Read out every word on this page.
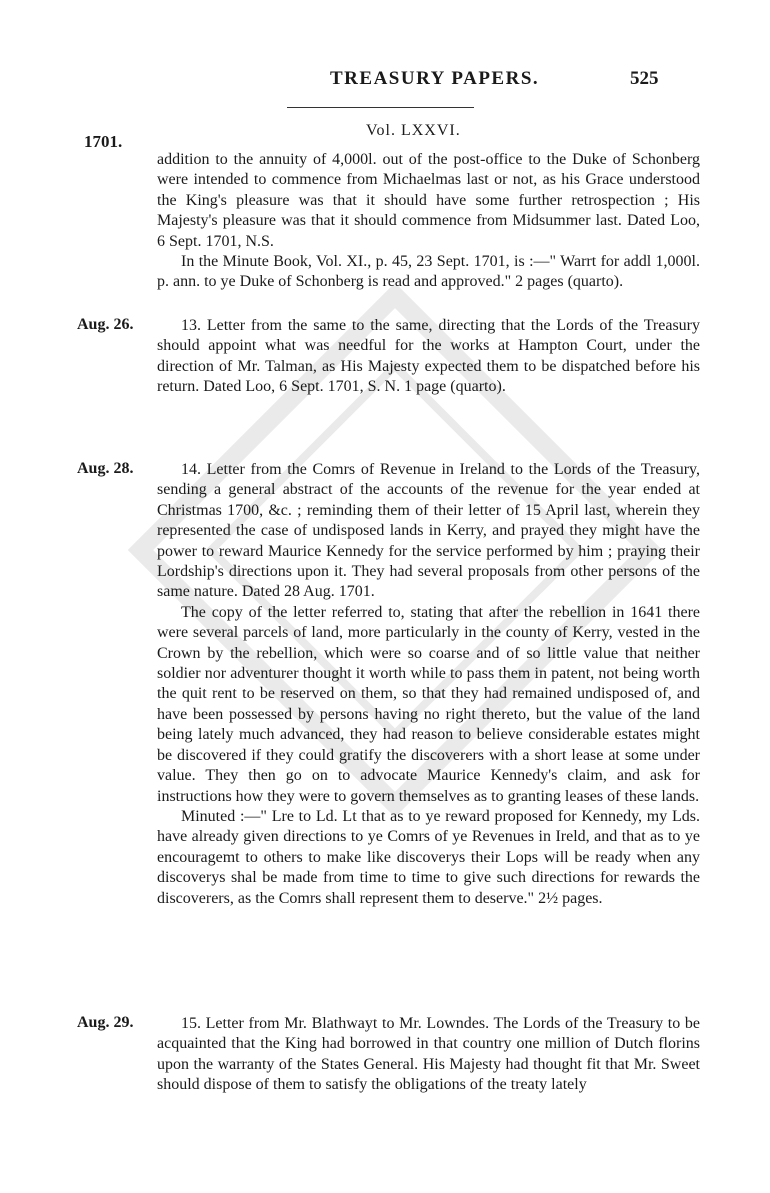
TREASURY PAPERS.	525
1701.
Vol. LXXVI.

addition to the annuity of 4,000l. out of the post-office to the Duke of Schonberg were intended to commence from Michaelmas last or not, as his Grace understood the King's pleasure was that it should have some further retrospection ; His Majesty's pleasure was that it should commence from Midsummer last. Dated Loo, 6 Sept. 1701, N.S.

In the Minute Book, Vol. XI., p. 45, 23 Sept. 1701, is :—" Warrt for addl 1,000l. p. ann. to ye Duke of Schonberg is read and approved." 2 pages (quarto).

Aug. 26.	13. Letter from the same to the same, directing that the Lords of the Treasury should appoint what was needful for the works at Hampton Court, under the direction of Mr. Talman, as His Majesty expected them to be dispatched before his return. Dated Loo, 6 Sept. 1701, S. N. 1 page (quarto).

Aug. 28.	14. Letter from the Comrs of Revenue in Ireland to the Lords of the Treasury, sending a general abstract of the accounts of the revenue for the year ended at Christmas 1700, &c. ; reminding them of their letter of 15 April last, wherein they represented the case of undisposed lands in Kerry, and prayed they might have the power to reward Maurice Kennedy for the service performed by him ; praying their Lordship's directions upon it. They had several proposals from other persons of the same nature. Dated 28 Aug. 1701.

The copy of the letter referred to, stating that after the rebellion in 1641 there were several parcels of land, more particularly in the county of Kerry, vested in the Crown by the rebellion, which were so coarse and of so little value that neither soldier nor adventurer thought it worth while to pass them in patent, not being worth the quit rent to be reserved on them, so that they had remained undisposed of, and have been possessed by persons having no right thereto, but the value of the land being lately much advanced, they had reason to believe considerable estates might be discovered if they could gratify the discoverers with a short lease at some under value. They then go on to advocate Maurice Kennedy's claim, and ask for instructions how they were to govern themselves as to granting leases of these lands.

Minuted :—" Lre to Ld. Lt that as to ye reward proposed for Kennedy, my Lds. have already given directions to ye Comrs of ye Revenues in Ireld, and that as to ye encouragemt to others to make like discoverys their Lops will be ready when any discoverys shal be made from time to time to give such directions for rewards the discoverers, as the Comrs shall represent them to deserve." 2½ pages.

Aug. 29.	15. Letter from Mr. Blathwayt to Mr. Lowndes. The Lords of the Treasury to be acquainted that the King had borrowed in that country one million of Dutch florins upon the warranty of the States General. His Majesty had thought fit that Mr. Sweet should dispose of them to satisfy the obligations of the treaty lately
